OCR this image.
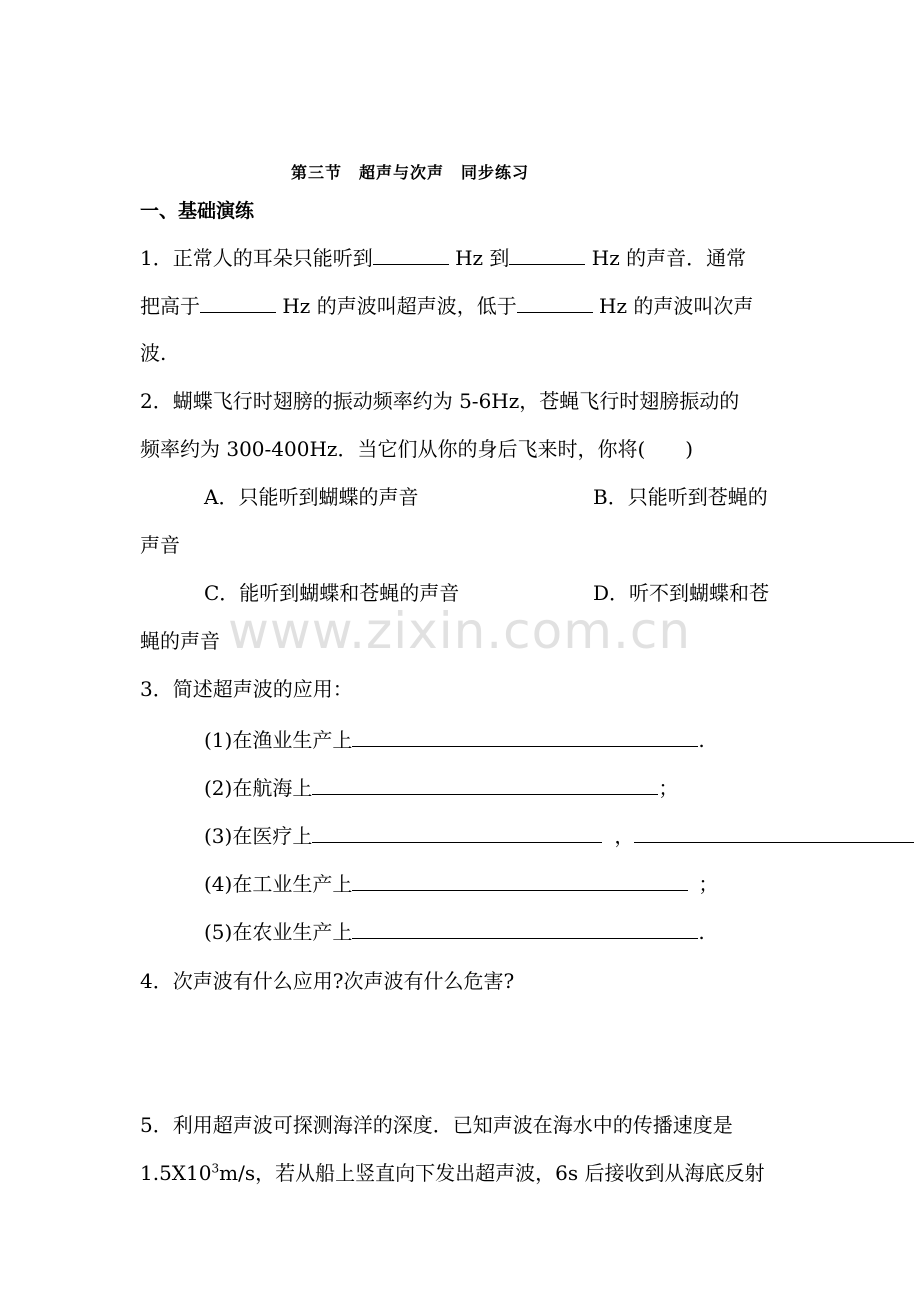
第三节　超声与次声　同步练习
一、基础演练
1．正常人的耳朵只能听到	Hz 到	Hz 的声音．通常
把高于	Hz 的声波叫超声波，低于	Hz 的声波叫次声
波.
2．蝴蝶飞行时翅膀的振动频率约为 5-6Hz，苍蝇飞行时翅膀振动的
频率约为 300-400Hz．当它们从你的身后飞来时，你将(　　)
A．只能听到蝴蝶的声音	B．只能听到苍蝇的
声音
C．能听到蝴蝶和苍蝇的声音	D．听不到蝴蝶和苍
蝇的声音
3．简述超声波的应用：
(1)在渔业生产上	.
(2)在航海上	；
(3)在医疗上	，
(4)在工业生产上	；
(5)在农业生产上	.
4．次声波有什么应用?次声波有什么危害?
5．利用超声波可探测海洋的深度．已知声波在海水中的传播速度是
$1.5X10^3m/s$，若从船上竖直向下发出超声波，6s 后接收到从海底反射
www.zixin.com.cn
